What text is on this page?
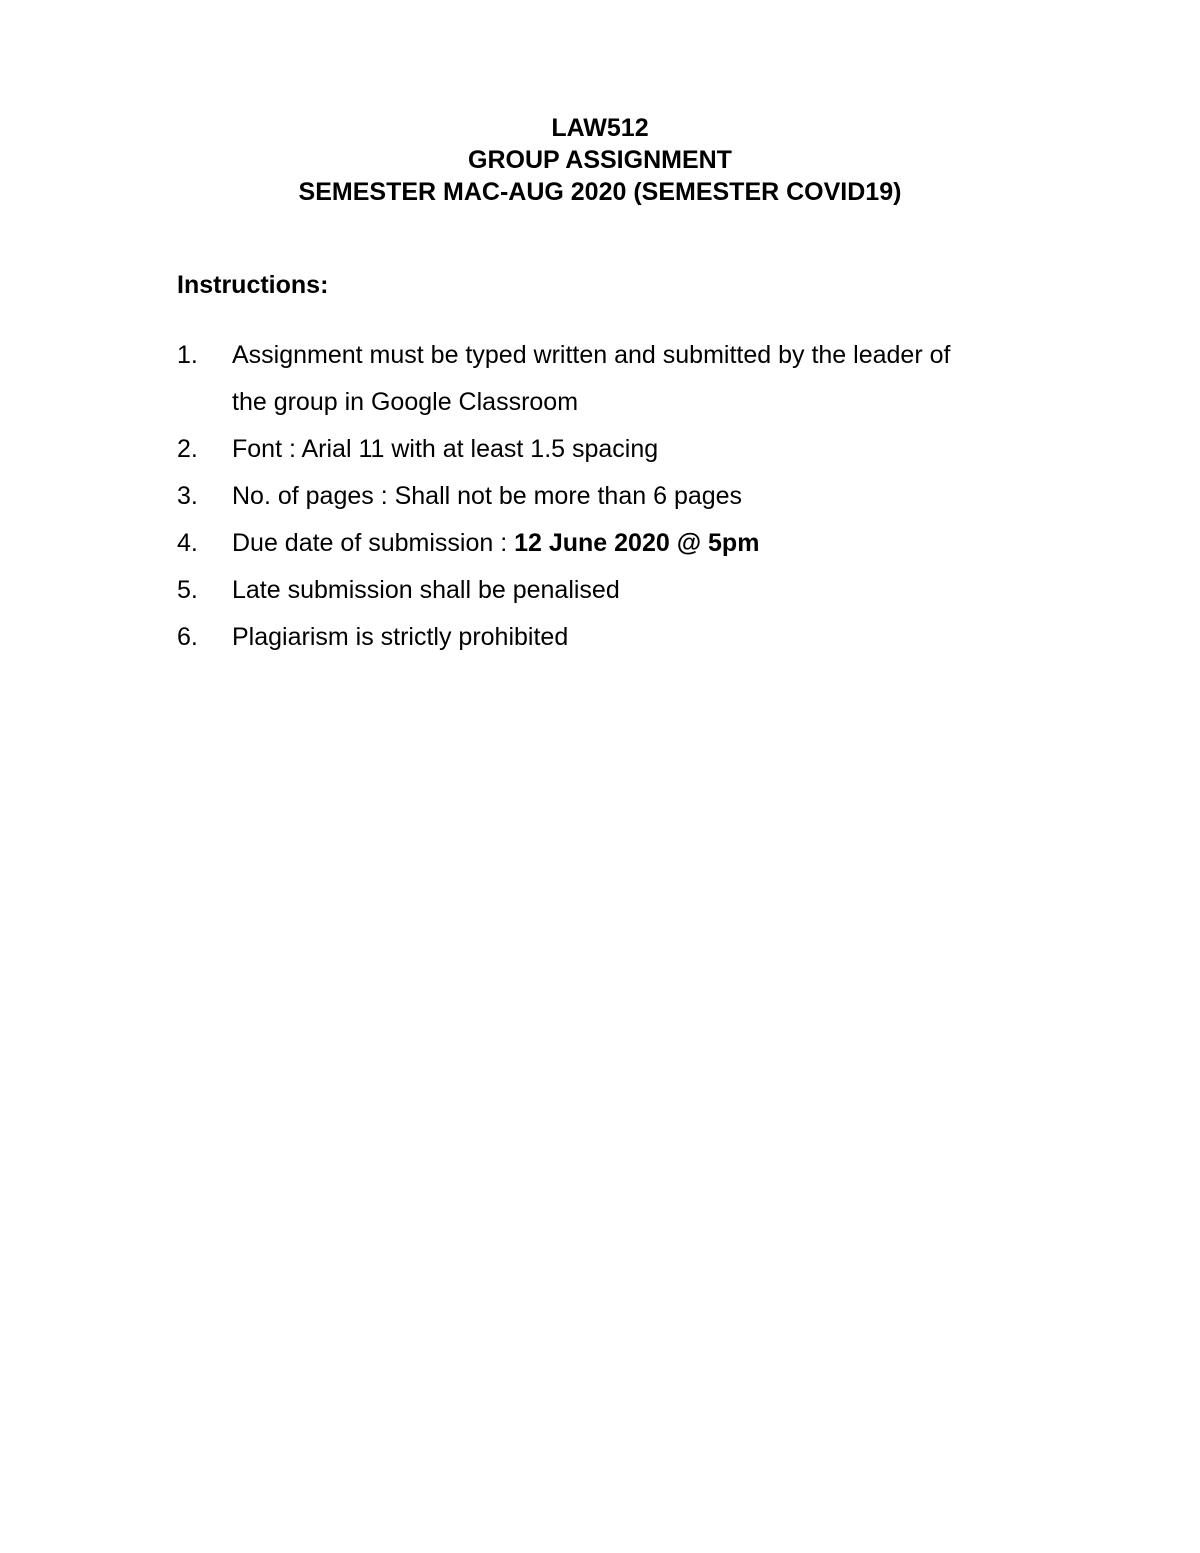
LAW512
GROUP ASSIGNMENT
SEMESTER MAC-AUG 2020 (SEMESTER COVID19)
Instructions:
1.	Assignment must be typed written and submitted by the leader of
the group in Google Classroom
2.	Font : Arial 11 with at least 1.5 spacing
3.	No. of pages : Shall not be more than 6 pages
4.	Due date of submission : 12 June 2020 @ 5pm
5.	Late submission shall be penalised
6.	Plagiarism is strictly prohibited
